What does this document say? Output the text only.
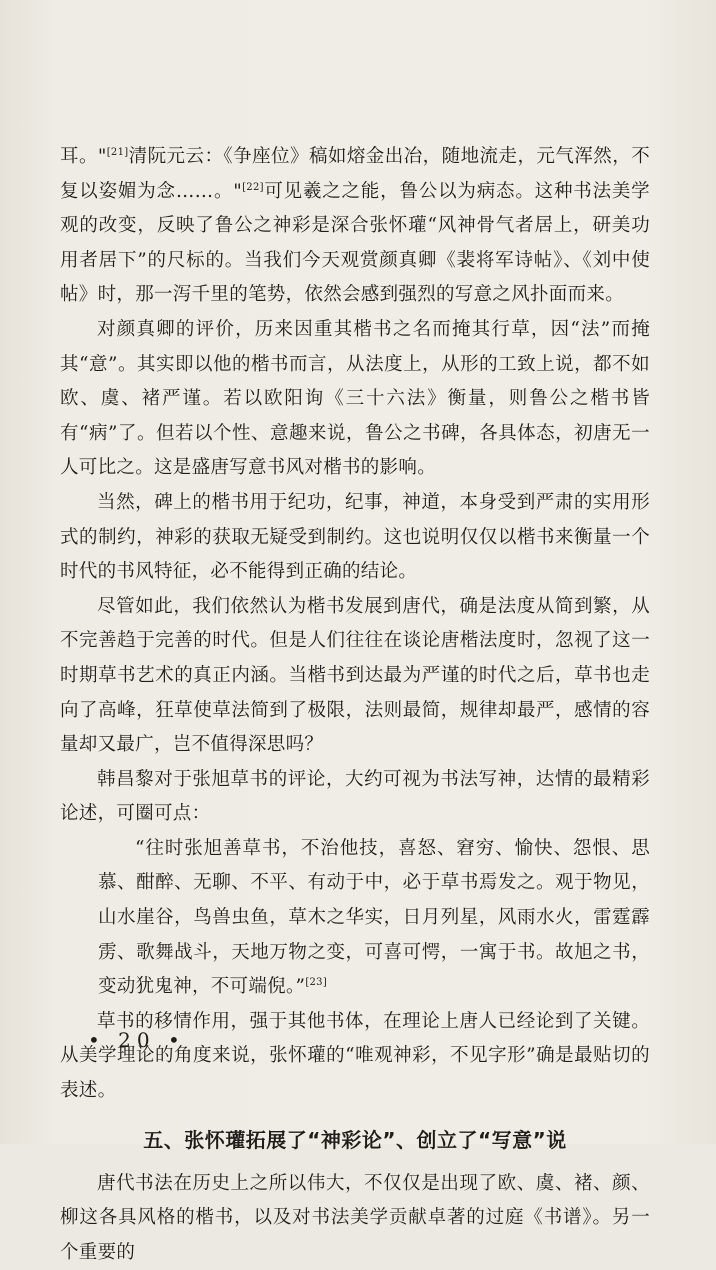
耳。"[21]清阮元云：《争座位》稿如熔金出冶，随地流走，元气浑然，不复以姿媚为念……。"[22]可见羲之之能，鲁公以为病态。这种书法美学观的改变，反映了鲁公之神彩是深合张怀瓘“风神骨气者居上，研美功用者居下”的尺标的。当我们今天观赏颜真卿《裴将军诗帖》、《刘中使帖》时，那一泻千里的笔势，依然会感到强烈的写意之风扑面而来。

对颜真卿的评价，历来因重其楷书之名而掩其行草，因“法”而掩其“意”。其实即以他的楷书而言，从法度上，从形的工致上说，都不如欧、虞、褚严谨。若以欧阳询《三十六法》衡量，则鲁公之楷书皆有“病”了。但若以个性、意趣来说，鲁公之书碑，各具体态，初唐无一人可比之。这是盛唐写意书风对楷书的影响。

当然，碑上的楷书用于纪功，纪事，神道，本身受到严肃的实用形式的制约，神彩的获取无疑受到制约。这也说明仅仅以楷书来衡量一个时代的书风特征，必不能得到正确的结论。

尽管如此，我们依然认为楷书发展到唐代，确是法度从简到繁，从不完善趋于完善的时代。但是人们往往在谈论唐楷法度时，忽视了这一时期草书艺术的真正内涵。当楷书到达最为严谨的时代之后，草书也走向了高峰，狂草使草法简到了极限，法则最简，规律却最严，感情的容量却又最广，岂不值得深思吗？

韩昌黎对于张旭草书的评论，大约可视为书法写神，达情的最精彩论述，可圈可点：

“往时张旭善草书，不治他技，喜怒、窘穷、愉快、怨恨、思慕、酣醉、无聊、不平、有动于中，必于草书焉发之。观于物见，山水崖谷，鸟兽虫鱼，草木之华实，日月列星，风雨水火，雷霆霹雳、歌舞战斗，天地万物之变，可喜可愕，一寓于书。故旭之书，变动犹鬼神，不可端倪。”[23]

草书的移情作用，强于其他书体，在理论上唐人已经论到了关键。从美学理论的角度来说，张怀瓘的“唯观神彩，不见字形”确是最贴切的表述。

五、张怀瓘拓展了“神彩论”、创立了“写意”说

唐代书法在历史上之所以伟大，不仅仅是出现了欧、虞、褚、颜、柳这各具风格的楷书，以及对书法美学贡献卓著的过庭《书谱》。另一个重要的

• 20 •
